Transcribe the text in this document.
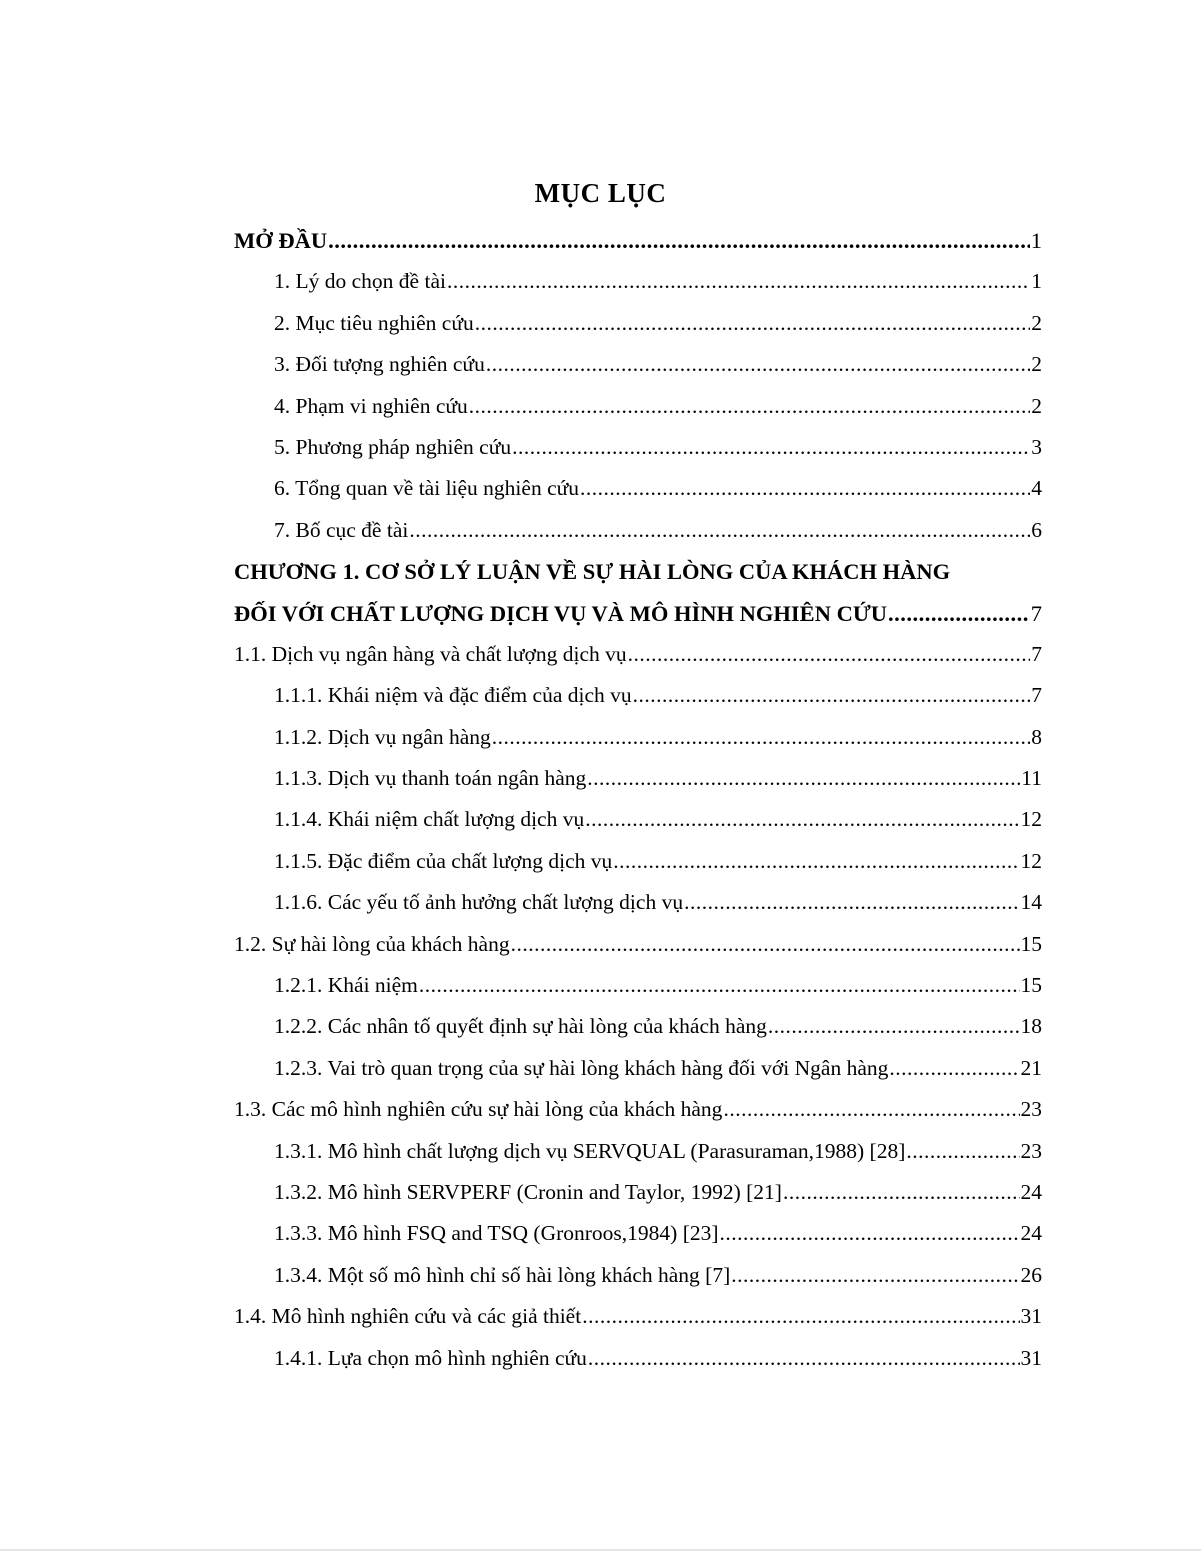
MỤC LỤC
MỞ ĐẦU .....	1
1. Lý do chọn đề tài .....	1
2. Mục tiêu nghiên cứu .....	2
3. Đối tượng nghiên cứu .....	2
4. Phạm vi nghiên cứu .....	2
5. Phương pháp nghiên cứu .....	3
6. Tổng quan về tài liệu nghiên cứu .....	4
7. Bố cục đề tài .....	6
CHƯƠNG 1. CƠ SỞ LÝ LUẬN VỀ SỰ HÀI LÒNG CỦA KHÁCH HÀNG
ĐỐI VỚI CHẤT LƯỢNG DỊCH VỤ VÀ MÔ HÌNH NGHIÊN CỨU .....	7
1.1. Dịch vụ ngân hàng và chất lượng dịch vụ .....	7
1.1.1. Khái niệm và đặc điểm của dịch vụ .....	7
1.1.2. Dịch vụ ngân hàng .....	8
1.1.3. Dịch vụ thanh toán ngân hàng .....	11
1.1.4. Khái niệm chất lượng dịch vụ .....	12
1.1.5. Đặc điểm của chất lượng dịch vụ .....	12
1.1.6. Các yếu tố ảnh hưởng chất lượng dịch vụ .....	14
1.2. Sự hài lòng của khách hàng .....	15
1.2.1. Khái niệm .....	15
1.2.2. Các nhân tố quyết định sự hài lòng của khách hàng .....	18
1.2.3. Vai trò quan trọng của sự hài lòng khách hàng đối với Ngân hàng .....	21
1.3. Các mô hình nghiên cứu sự hài lòng của khách hàng .....	23
1.3.1. Mô hình chất lượng dịch vụ SERVQUAL (Parasuraman,1988) [28] .....	23
1.3.2. Mô hình SERVPERF (Cronin and Taylor, 1992) [21] .....	24
1.3.3. Mô hình FSQ and TSQ (Gronroos,1984) [23] .....	24
1.3.4. Một số mô hình chỉ số hài lòng khách hàng [7] .....	26
1.4. Mô hình nghiên cứu và các giả thiết .....	31
1.4.1. Lựa chọn mô hình nghiên cứu .....	31
